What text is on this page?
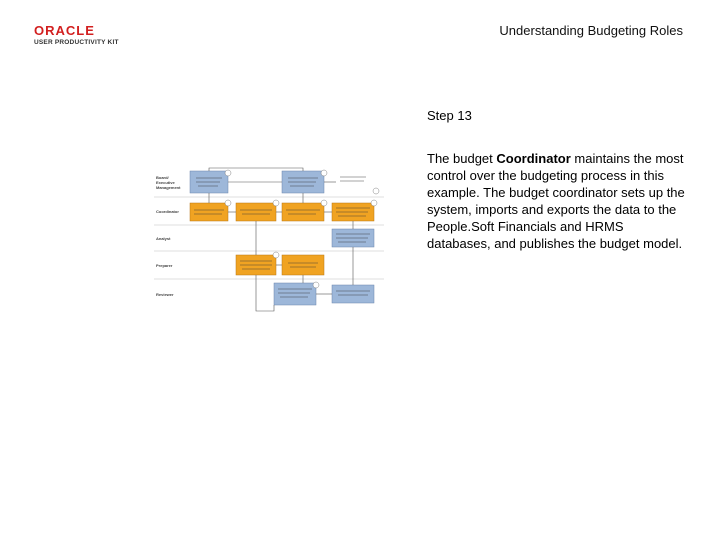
ORACLE
USER PRODUCTIVITY KIT
Understanding Budgeting Roles
Board/
Executive
Management
Coordinator
Analyst
Preparer
Reviewer
Step 13
The budget Coordinator maintains the most control over the budgeting process in this example. The budget coordinator sets up the system, imports and exports the data to the People.Soft Financials and HRMS databases, and publishes the budget model.
